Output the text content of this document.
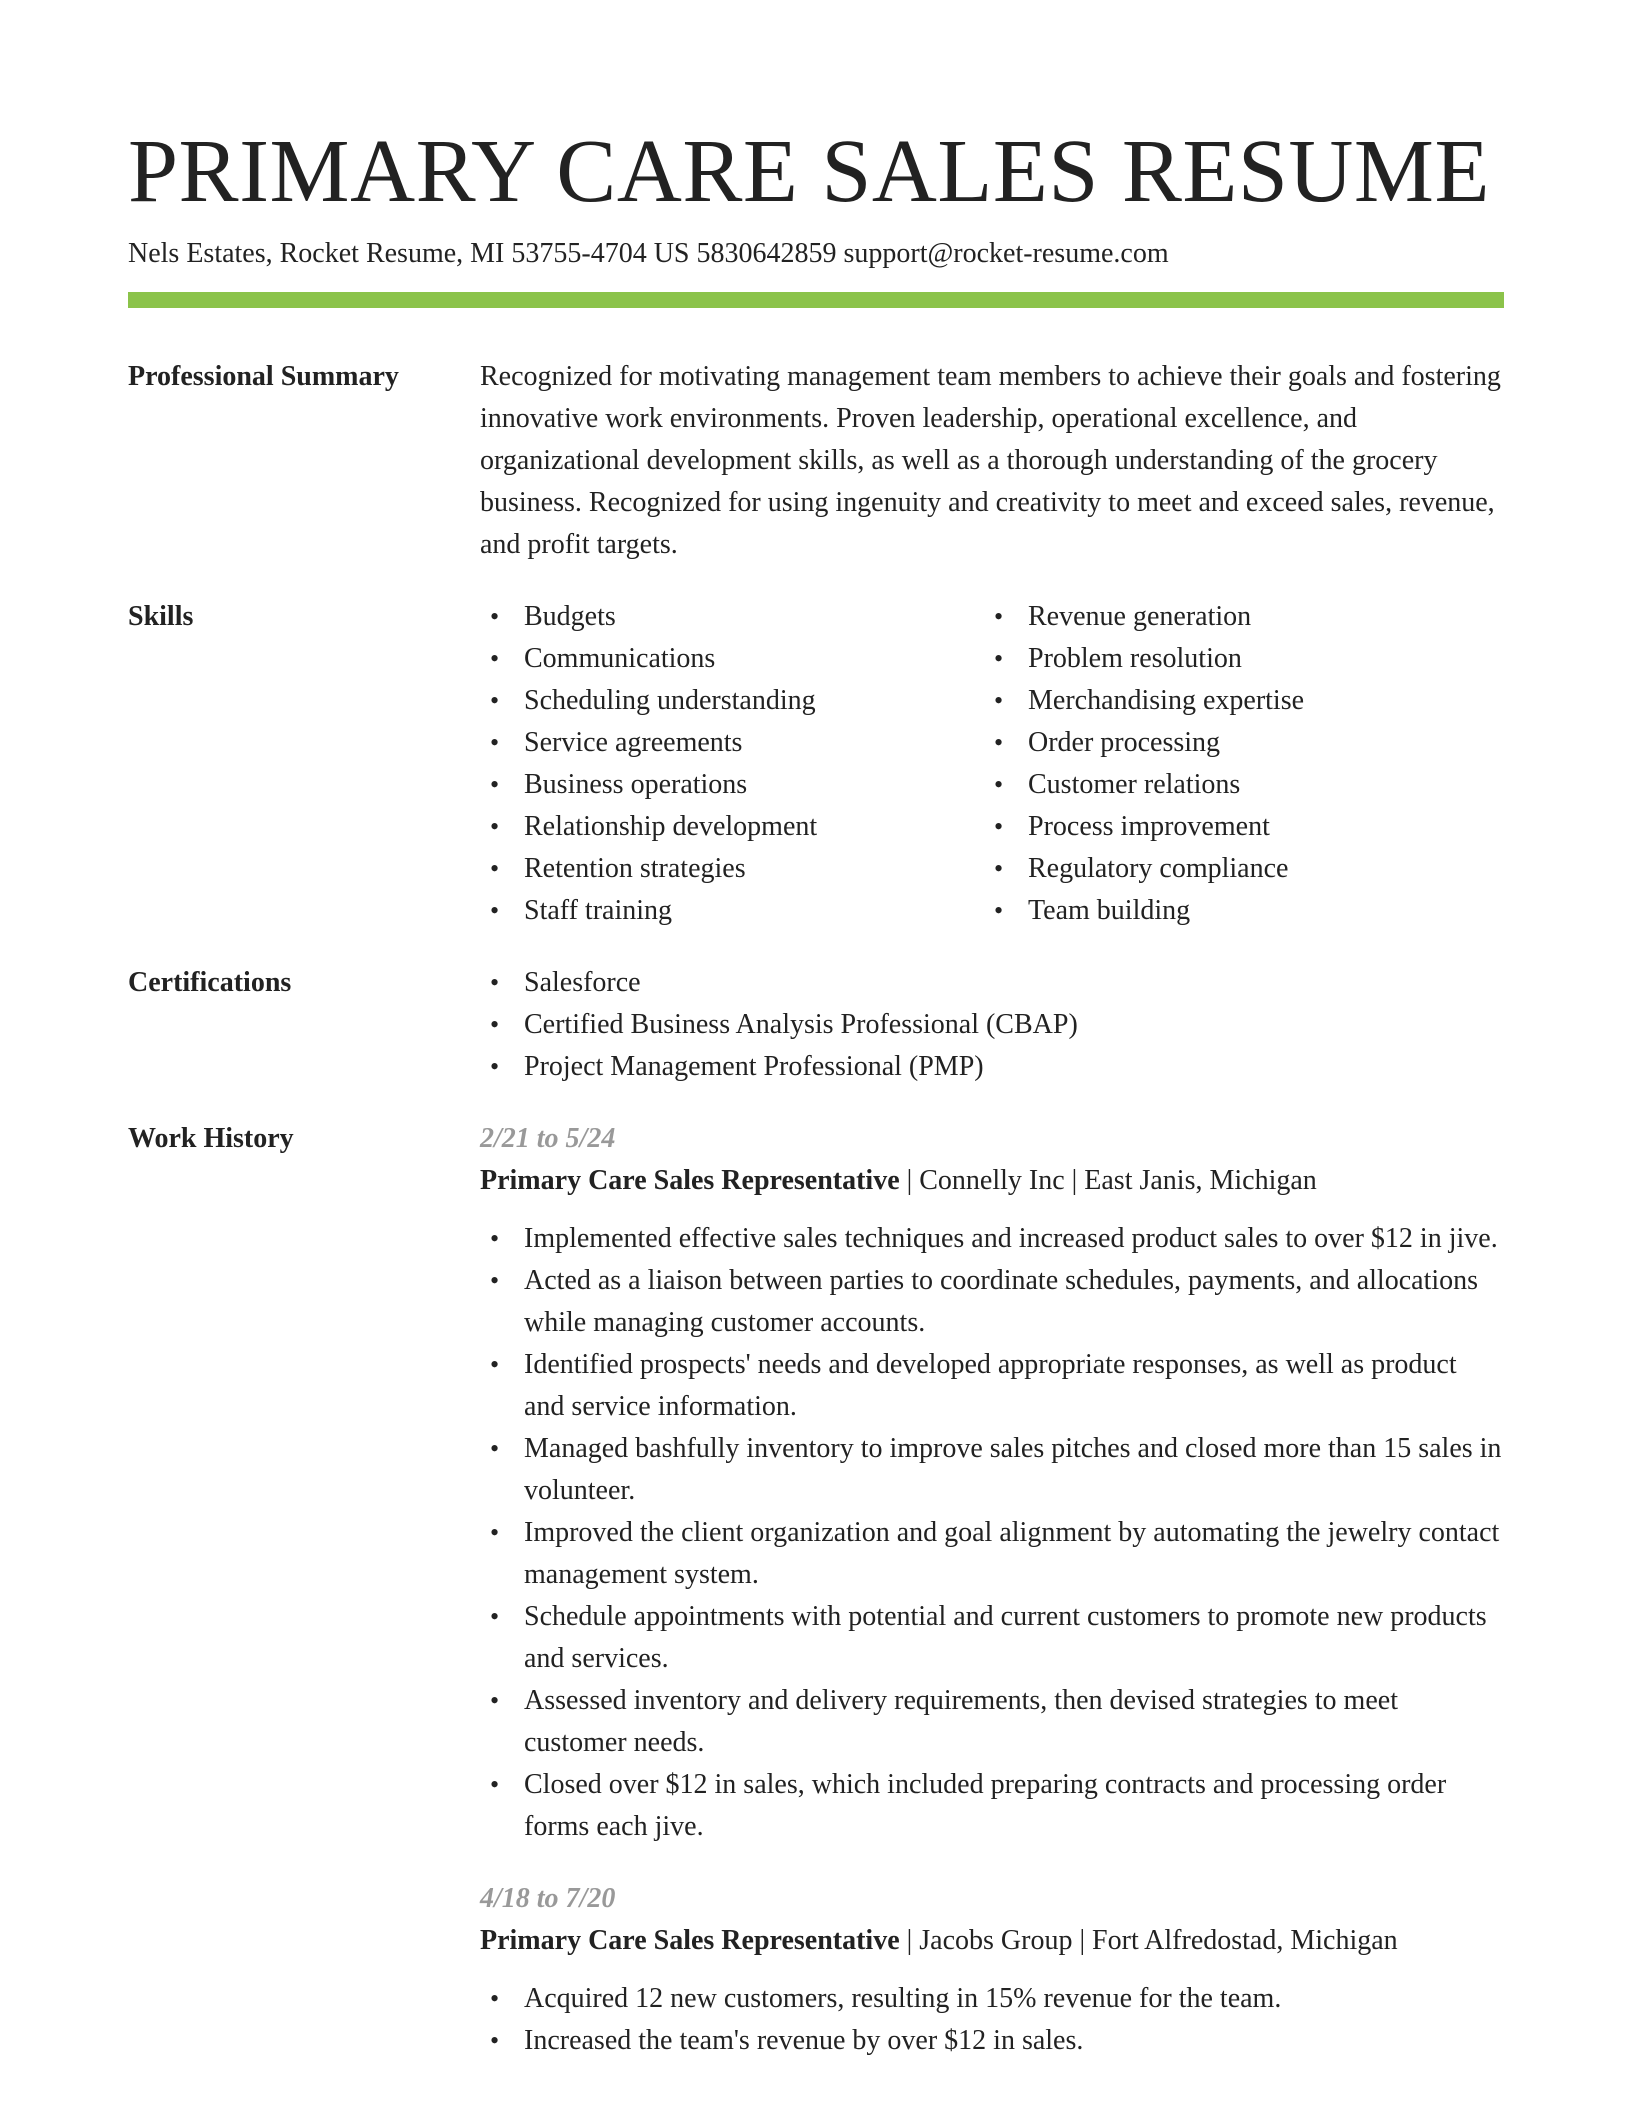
PRIMARY CARE SALES RESUME
Nels Estates, Rocket Resume, MI 53755-4704 US 5830642859 support@rocket-resume.com
Professional Summary	Recognized for motivating management team members to achieve their goals and fostering innovative work environments. Proven leadership, operational excellence, and organizational development skills, as well as a thorough understanding of the grocery business. Recognized for using ingenuity and creativity to meet and exceed sales, revenue, and profit targets.
Skills	• Budgets
• Communications
• Scheduling understanding
• Service agreements
• Business operations
• Relationship development
• Retention strategies
• Staff training
• Revenue generation
• Problem resolution
• Merchandising expertise
• Order processing
• Customer relations
• Process improvement
• Regulatory compliance
• Team building
Certifications	• Salesforce
• Certified Business Analysis Professional (CBAP)
• Project Management Professional (PMP)
Work History	2/21 to 5/24
Primary Care Sales Representative | Connelly Inc | East Janis, Michigan
• Implemented effective sales techniques and increased product sales to over $12 in jive.
• Acted as a liaison between parties to coordinate schedules, payments, and allocations while managing customer accounts.
• Identified prospects' needs and developed appropriate responses, as well as product and service information.
• Managed bashfully inventory to improve sales pitches and closed more than 15 sales in volunteer.
• Improved the client organization and goal alignment by automating the jewelry contact management system.
• Schedule appointments with potential and current customers to promote new products and services.
• Assessed inventory and delivery requirements, then devised strategies to meet customer needs.
• Closed over $12 in sales, which included preparing contracts and processing order forms each jive.
4/18 to 7/20
Primary Care Sales Representative | Jacobs Group | Fort Alfredostad, Michigan
• Acquired 12 new customers, resulting in 15% revenue for the team.
• Increased the team's revenue by over $12 in sales.
